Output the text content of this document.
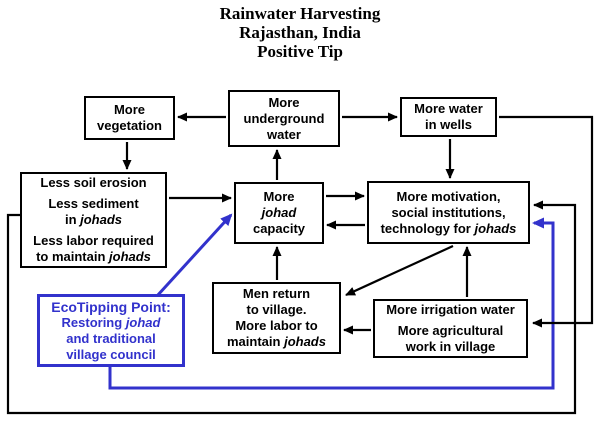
Rainwater Harvesting
Rajasthan, India
Positive Tip
More
vegetation
More
underground
water
More water
in wells
Less soil erosion
Less sediment
in johads
Less labor required
to maintain johads
More
johad
capacity
More motivation,
social institutions,
technology for johads
Men return
to village.
More labor to
maintain johads
More irrigation water
More agricultural
work in village
EcoTipping Point:
Restoring johad
and traditional
village council
